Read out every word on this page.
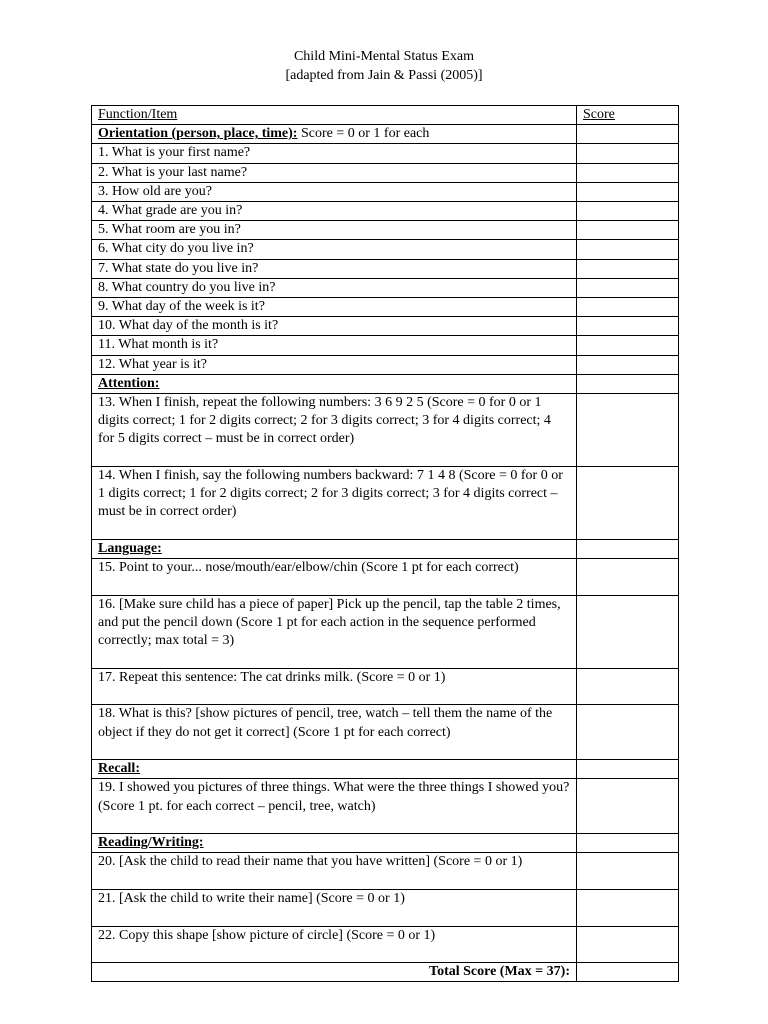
Child Mini-Mental Status Exam
[adapted from Jain & Passi (2005)]
Function/Item	Score
Orientation (person, place, time): Score = 0 or 1 for each	
1. What is your first name?	
2. What is your last name?	
3. How old are you?	
4. What grade are you in?	
5. What room are you in?	
6. What city do you live in?	
7. What state do you live in?	
8. What country do you live in?	
9. What day of the week is it?	
10. What day of the month is it?	
11. What month is it?	
12. What year is it?	
Attention:	
13. When I finish, repeat the following numbers: 3 6 9 2 5 (Score = 0 for 0 or 1 digits correct; 1 for 2 digits correct; 2 for 3 digits correct; 3 for 4 digits correct; 4 for 5 digits correct – must be in correct order)	
14. When I finish, say the following numbers backward: 7 1 4 8 (Score = 0 for 0 or 1 digits correct; 1 for 2 digits correct; 2 for 3 digits correct; 3 for 4 digits correct – must be in correct order)	
Language:	
15. Point to your... nose/mouth/ear/elbow/chin (Score 1 pt for each correct)	
16. [Make sure child has a piece of paper] Pick up the pencil, tap the table 2 times, and put the pencil down (Score 1 pt for each action in the sequence performed correctly; max total = 3)	
17. Repeat this sentence: The cat drinks milk. (Score = 0 or 1)	
18. What is this? [show pictures of pencil, tree, watch – tell them the name of the object if they do not get it correct] (Score 1 pt for each correct)	
Recall:	
19. I showed you pictures of three things. What were the three things I showed you? (Score 1 pt. for each correct – pencil, tree, watch)	
Reading/Writing:	
20. [Ask the child to read their name that you have written] (Score = 0 or 1)	
21. [Ask the child to write their name] (Score = 0 or 1)	
22. Copy this shape [show picture of circle] (Score = 0 or 1)	
Total Score (Max = 37):	
